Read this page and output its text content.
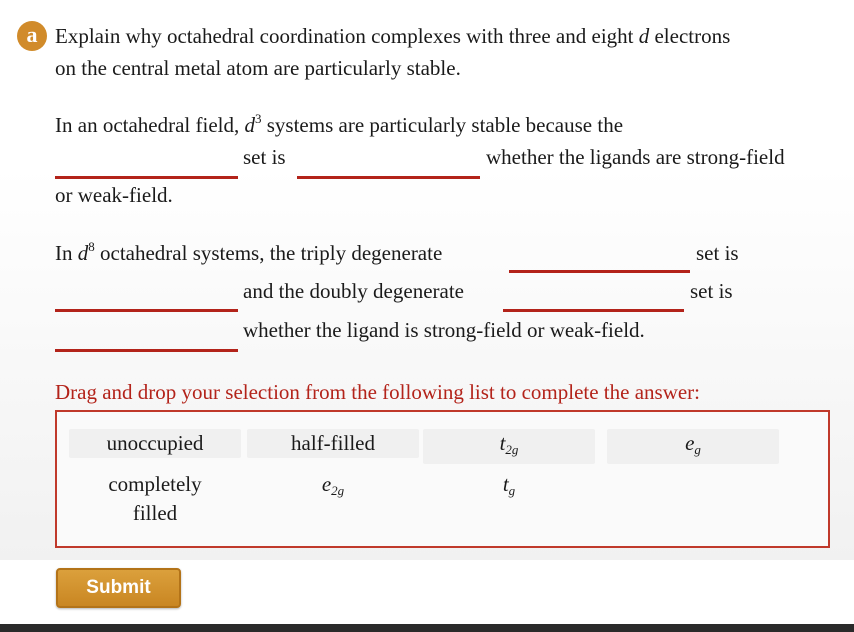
a Explain why octahedral coordination complexes with three and eight d electrons
on the central metal atom are particularly stable.
In an octahedral field, $d^3$ systems are particularly stable because the
set is	whether the ligands are strong-field
or weak-field.
In $d^8$ octahedral systems, the triply degenerate	set is
and the doubly degenerate	set is
whether the ligand is strong-field or weak-field.
Drag and drop your selection from the following list to complete the answer:
unoccupied	half-filled	$t_{2g}$	$e_g$
completely
filled
$e_{2g}$	$t_g$
Submit
